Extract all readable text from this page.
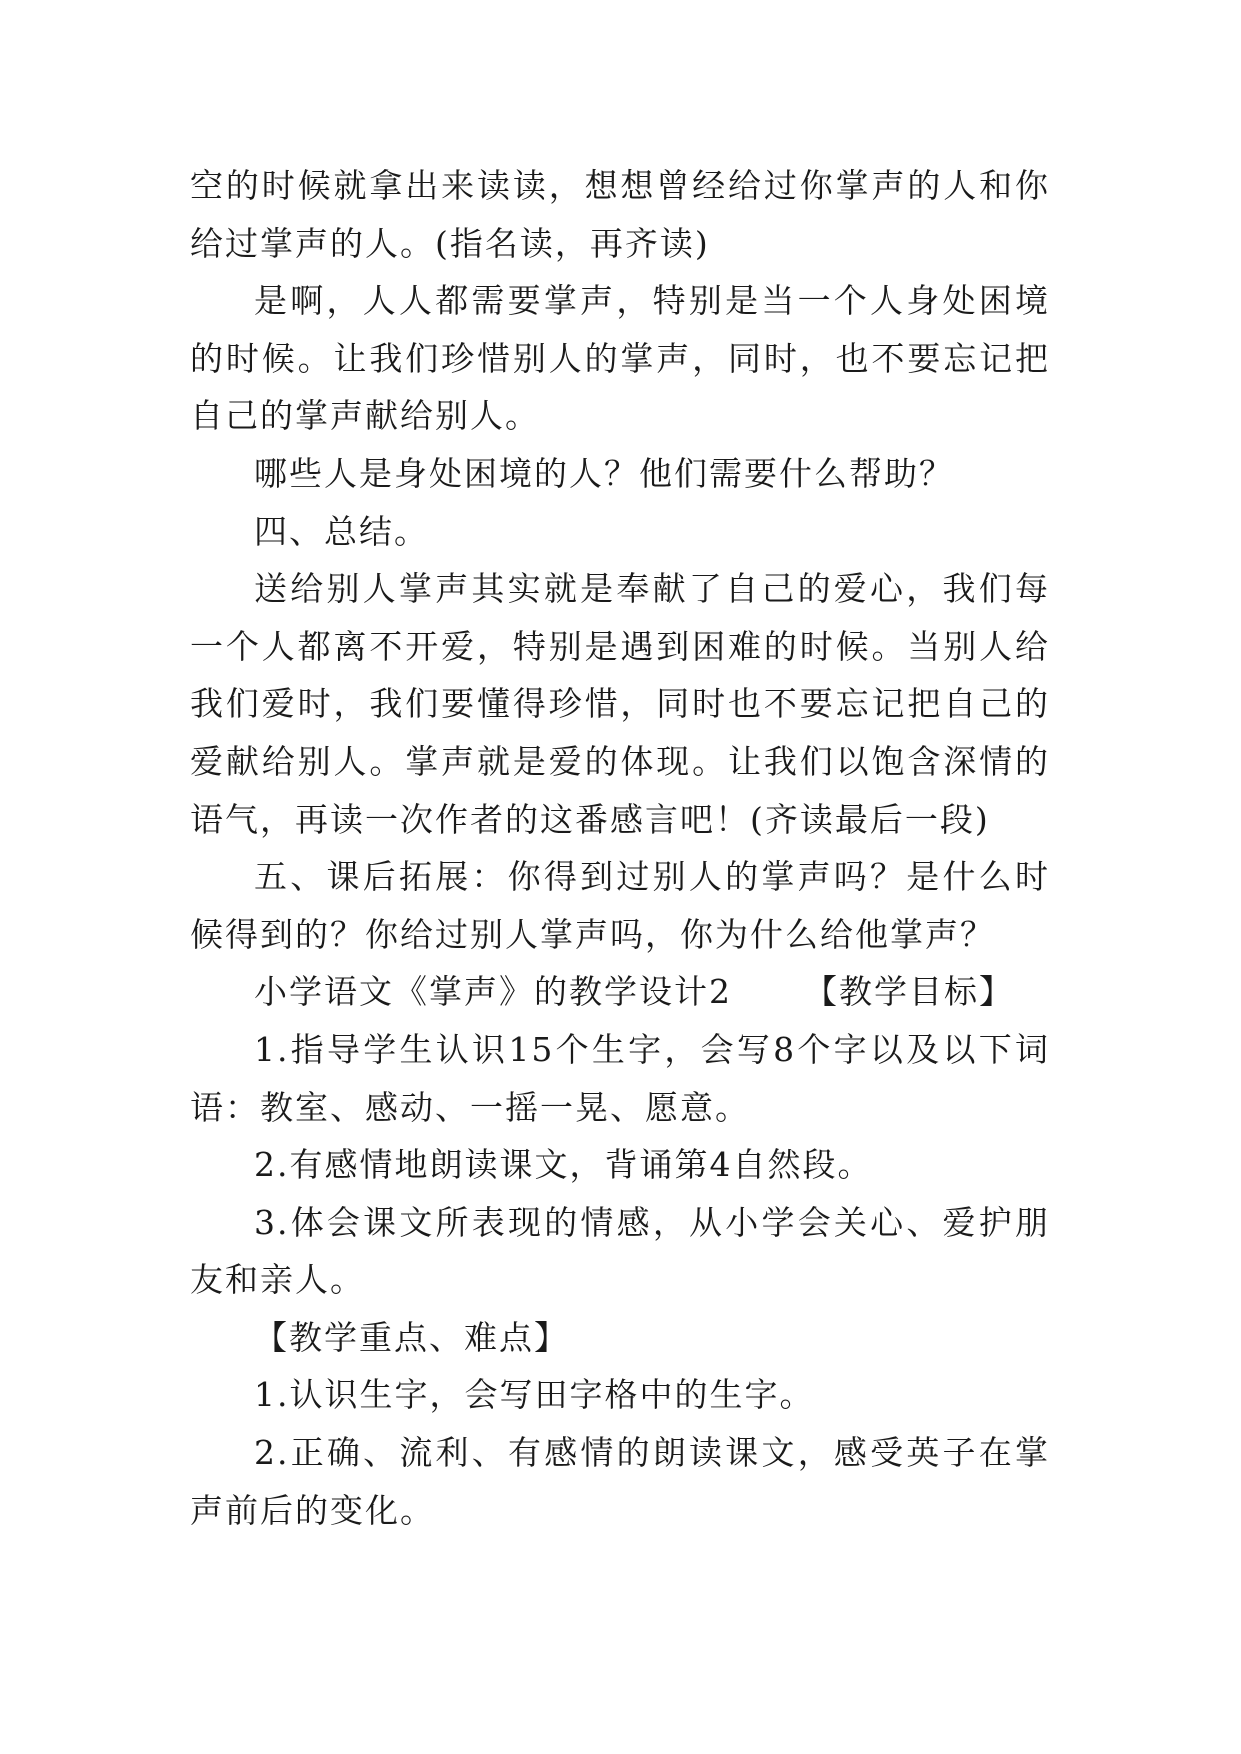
空的时候就拿出来读读，想想曾经给过你掌声的人和你给过掌声的人。(指名读，再齐读)

是啊，人人都需要掌声，特别是当一个人身处困境的时候。让我们珍惜别人的掌声，同时，也不要忘记把自己的掌声献给别人。

哪些人是身处困境的人？他们需要什么帮助？

四、总结。

送给别人掌声其实就是奉献了自己的爱心，我们每一个人都离不开爱，特别是遇到困难的时候。当别人给我们爱时，我们要懂得珍惜，同时也不要忘记把自己的爱献给别人。掌声就是爱的体现。让我们以饱含深情的语气，再读一次作者的这番感言吧！(齐读最后一段)

五、课后拓展：你得到过别人的掌声吗？是什么时候得到的？你给过别人掌声吗，你为什么给他掌声？

小学语文《掌声》的教学设计2 【教学目标】

1.指导学生认识15个生字，会写8个字以及以下词语：教室、感动、一摇一晃、愿意。

2.有感情地朗读课文，背诵第4自然段。

3.体会课文所表现的情感，从小学会关心、爱护朋友和亲人。

【教学重点、难点】

1.认识生字，会写田字格中的生字。

2.正确、流利、有感情的朗读课文，感受英子在掌声前后的变化。
